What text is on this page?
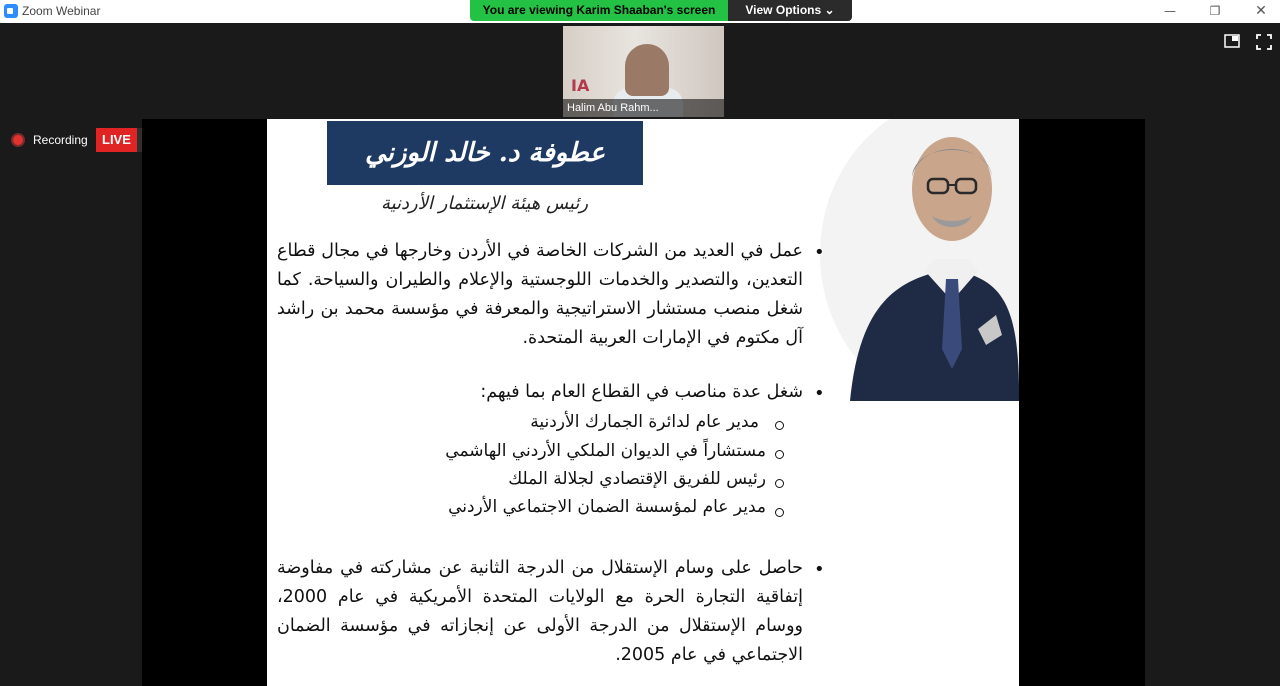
Zoom Webinar	—	❐	✕
You are viewing Karim Shaaban's screen	View Options ⌄
IA
Halim Abu Rahm...
Recording	LIVE	عطوفة د. خالد الوزني
رئيس هيئة الإستثمار الأردنية
•
عمل في العديد من الشركات الخاصة في الأردن وخارجها في مجال قطاع التعدين، والتصدير والخدمات اللوجستية والإعلام والطيران والسياحة. كما شغل منصب مستشار الاستراتيجية والمعرفة في مؤسسة محمد بن راشد آل مكتوم في الإمارات العربية المتحدة.
•
شغل عدة مناصب في القطاع العام بما فيهم:
مدير عام لدائرة الجمارك الأردنية
مستشاراً في الديوان الملكي الأردني الهاشمي
رئيس للفريق الإقتصادي لجلالة الملك
مدير عام لمؤسسة الضمان الاجتماعي الأردني
•
حاصل على وسام الإستقلال من الدرجة الثانية عن مشاركته في مفاوضة إتفاقية التجارة الحرة مع الولايات المتحدة الأمريكية في عام 2000، ووسام الإستقلال من الدرجة الأولى عن إنجازاته في مؤسسة الضمان الاجتماعي في عام 2005.
